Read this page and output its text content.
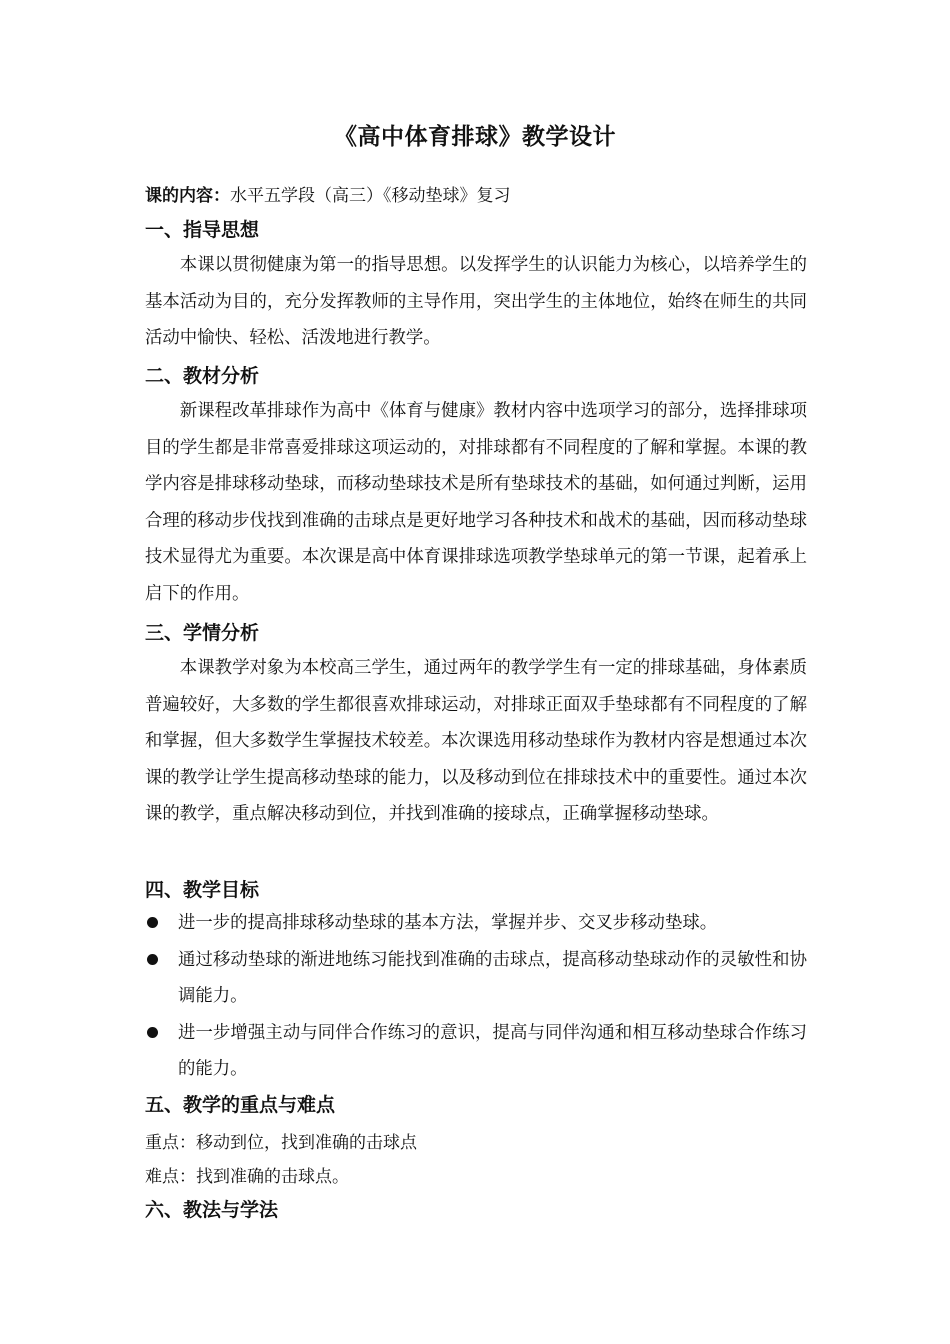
《高中体育排球》教学设计
课的内容：水平五学段（高三）《移动垫球》复习
一、指导思想

本课以贯彻健康为第一的指导思想。以发挥学生的认识能力为核心，以培养学生的基本活动为目的，充分发挥教师的主导作用，突出学生的主体地位，始终在师生的共同活动中愉快、轻松、活泼地进行教学。

二、教材分析

新课程改革排球作为高中《体育与健康》教材内容中选项学习的部分，选择排球项目的学生都是非常喜爱排球这项运动的，对排球都有不同程度的了解和掌握。本课的教学内容是排球移动垫球，而移动垫球技术是所有垫球技术的基础，如何通过判断，运用合理的移动步伐找到准确的击球点是更好地学习各种技术和战术的基础，因而移动垫球技术显得尤为重要。本次课是高中体育课排球选项教学垫球单元的第一节课，起着承上启下的作用。

三、学情分析

本课教学对象为本校高三学生，通过两年的教学学生有一定的排球基础，身体素质普遍较好，大多数的学生都很喜欢排球运动，对排球正面双手垫球都有不同程度的了解和掌握，但大多数学生掌握技术较差。本次课选用移动垫球作为教材内容是想通过本次课的教学让学生提高移动垫球的能力，以及移动到位在排球技术中的重要性。通过本次课的教学，重点解决移动到位，并找到准确的接球点，正确掌握移动垫球。

四、教学目标
进一步的提高排球移动垫球的基本方法，掌握并步、交叉步移动垫球。
通过移动垫球的渐进地练习能找到准确的击球点，提高移动垫球动作的灵敏性和协调能力。
进一步增强主动与同伴合作练习的意识，提高与同伴沟通和相互移动垫球合作练习的能力。
五、教学的重点与难点
重点：移动到位，找到准确的击球点
难点：找到准确的击球点。
六、教法与学法
